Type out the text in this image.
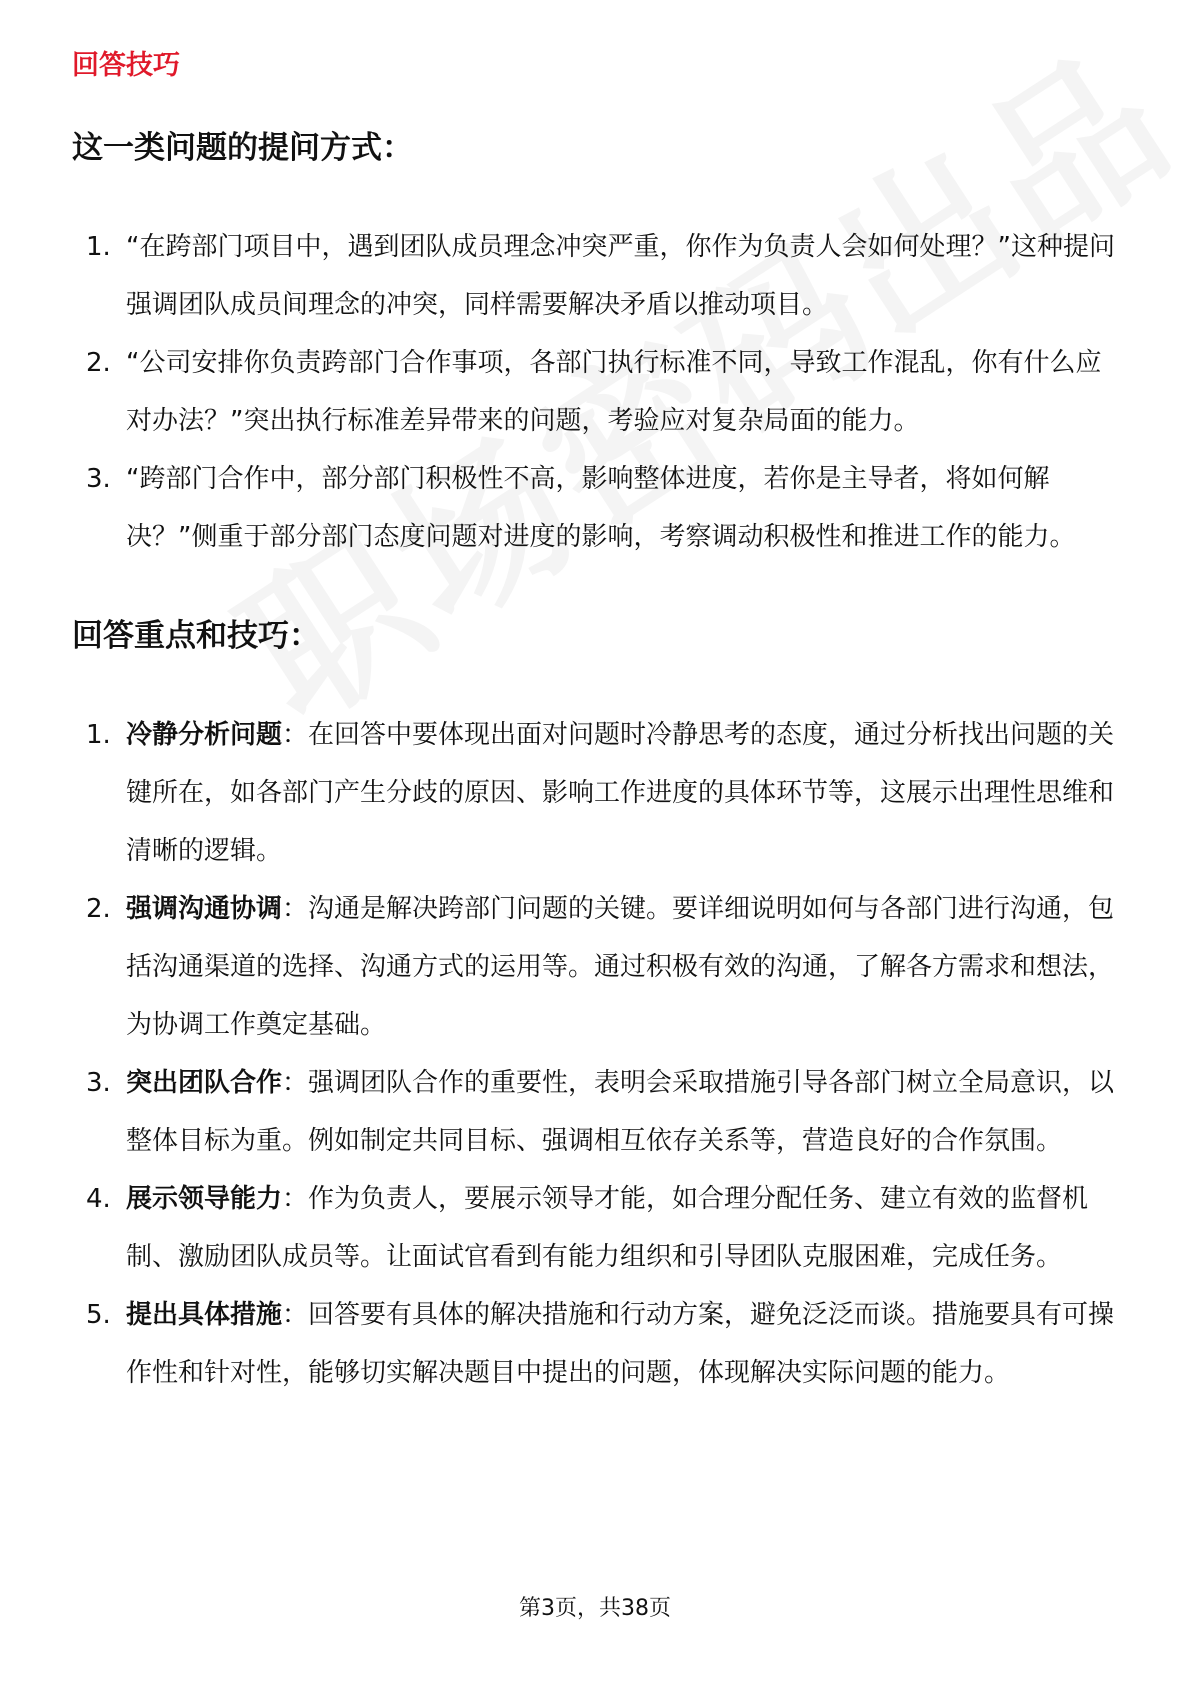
回答技巧

这一类问题的提问方式：
1. “在跨部门项目中，遇到团队成员理念冲突严重，你作为负责人会如何处理？”这种提问强调团队成员间理念的冲突，同样需要解决矛盾以推动项目。
2. “公司安排你负责跨部门合作事项，各部门执行标准不同，导致工作混乱，你有什么应对办法？”突出执行标准差异带来的问题，考验应对复杂局面的能力。
3. “跨部门合作中，部分部门积极性不高，影响整体进度，若你是主导者，将如何解决？”侧重于部分部门态度问题对进度的影响，考察调动积极性和推进工作的能力。
回答重点和技巧：
1. 冷静分析问题：在回答中要体现出面对问题时冷静思考的态度，通过分析找出问题的关键所在，如各部门产生分歧的原因、影响工作进度的具体环节等，这展示出理性思维和清晰的逻辑。
2. 强调沟通协调：沟通是解决跨部门问题的关键。要详细说明如何与各部门进行沟通，包括沟通渠道的选择、沟通方式的运用等。通过积极有效的沟通，了解各方需求和想法，为协调工作奠定基础。
3. 突出团队合作：强调团队合作的重要性，表明会采取措施引导各部门树立全局意识，以整体目标为重。例如制定共同目标、强调相互依存关系等，营造良好的合作氛围。
4. 展示领导能力：作为负责人，要展示领导才能，如合理分配任务、建立有效的监督机制、激励团队成员等。让面试官看到有能力组织和引导团队克服困难，完成任务。
5. 提出具体措施：回答要有具体的解决措施和行动方案，避免泛泛而谈。措施要具有可操作性和针对性，能够切实解决题目中提出的问题，体现解决实际问题的能力。
第3页，共38页
